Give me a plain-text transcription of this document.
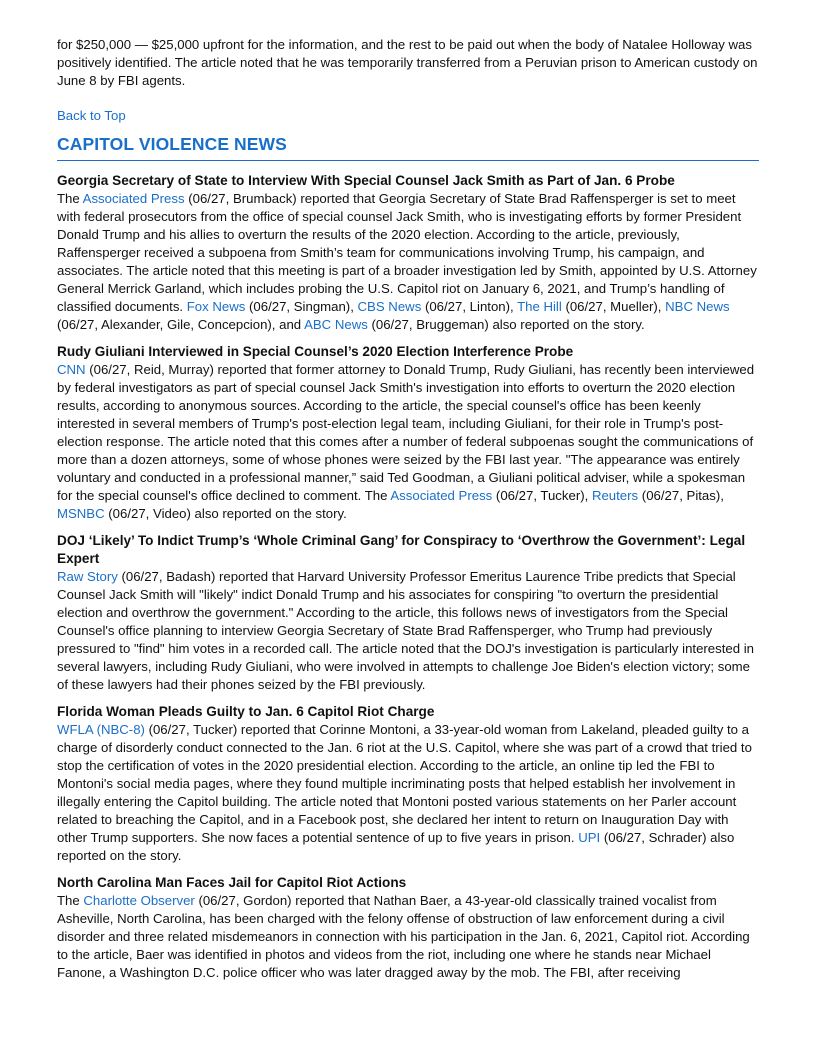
for $250,000 — $25,000 upfront for the information, and the rest to be paid out when the body of Natalee Holloway was positively identified. The article noted that he was temporarily transferred from a Peruvian prison to American custody on June 8 by FBI agents.

Back to Top
CAPITOL VIOLENCE NEWS
Georgia Secretary of State to Interview With Special Counsel Jack Smith as Part of Jan. 6 Probe

The Associated Press (06/27, Brumback) reported that Georgia Secretary of State Brad Raffensperger is set to meet with federal prosecutors from the office of special counsel Jack Smith, who is investigating efforts by former President Donald Trump and his allies to overturn the results of the 2020 election. According to the article, previously, Raffensperger received a subpoena from Smith’s team for communications involving Trump, his campaign, and associates. The article noted that this meeting is part of a broader investigation led by Smith, appointed by U.S. Attorney General Merrick Garland, which includes probing the U.S. Capitol riot on January 6, 2021, and Trump’s handling of classified documents. Fox News (06/27, Singman), CBS News (06/27, Linton), The Hill (06/27, Mueller), NBC News (06/27, Alexander, Gile, Concepcion), and ABC News (06/27, Bruggeman) also reported on the story.

Rudy Giuliani Interviewed in Special Counsel’s 2020 Election Interference Probe

CNN (06/27, Reid, Murray) reported that former attorney to Donald Trump, Rudy Giuliani, has recently been interviewed by federal investigators as part of special counsel Jack Smith's investigation into efforts to overturn the 2020 election results, according to anonymous sources. According to the article, the special counsel's office has been keenly interested in several members of Trump's post-election legal team, including Giuliani, for their role in Trump's post-election response. The article noted that this comes after a number of federal subpoenas sought the communications of more than a dozen attorneys, some of whose phones were seized by the FBI last year. "The appearance was entirely voluntary and conducted in a professional manner,” said Ted Goodman, a Giuliani political adviser, while a spokesman for the special counsel's office declined to comment. The Associated Press (06/27, Tucker), Reuters (06/27, Pitas), MSNBC (06/27, Video) also reported on the story.

DOJ ‘Likely’ To Indict Trump’s ‘Whole Criminal Gang’ for Conspiracy to ‘Overthrow the Government’: Legal Expert

Raw Story (06/27, Badash) reported that Harvard University Professor Emeritus Laurence Tribe predicts that Special Counsel Jack Smith will "likely" indict Donald Trump and his associates for conspiring "to overturn the presidential election and overthrow the government." According to the article, this follows news of investigators from the Special Counsel's office planning to interview Georgia Secretary of State Brad Raffensperger, who Trump had previously pressured to "find" him votes in a recorded call. The article noted that the DOJ's investigation is particularly interested in several lawyers, including Rudy Giuliani, who were involved in attempts to challenge Joe Biden's election victory; some of these lawyers had their phones seized by the FBI previously.

Florida Woman Pleads Guilty to Jan. 6 Capitol Riot Charge

WFLA (NBC-8) (06/27, Tucker) reported that Corinne Montoni, a 33-year-old woman from Lakeland, pleaded guilty to a charge of disorderly conduct connected to the Jan. 6 riot at the U.S. Capitol, where she was part of a crowd that tried to stop the certification of votes in the 2020 presidential election. According to the article, an online tip led the FBI to Montoni's social media pages, where they found multiple incriminating posts that helped establish her involvement in illegally entering the Capitol building. The article noted that Montoni posted various statements on her Parler account related to breaching the Capitol, and in a Facebook post, she declared her intent to return on Inauguration Day with other Trump supporters. She now faces a potential sentence of up to five years in prison. UPI (06/27, Schrader) also reported on the story.

North Carolina Man Faces Jail for Capitol Riot Actions

The Charlotte Observer (06/27, Gordon) reported that Nathan Baer, a 43-year-old classically trained vocalist from Asheville, North Carolina, has been charged with the felony offense of obstruction of law enforcement during a civil disorder and three related misdemeanors in connection with his participation in the Jan. 6, 2021, Capitol riot. According to the article, Baer was identified in photos and videos from the riot, including one where he stands near Michael Fanone, a Washington D.C. police officer who was later dragged away by the mob. The FBI, after receiving
